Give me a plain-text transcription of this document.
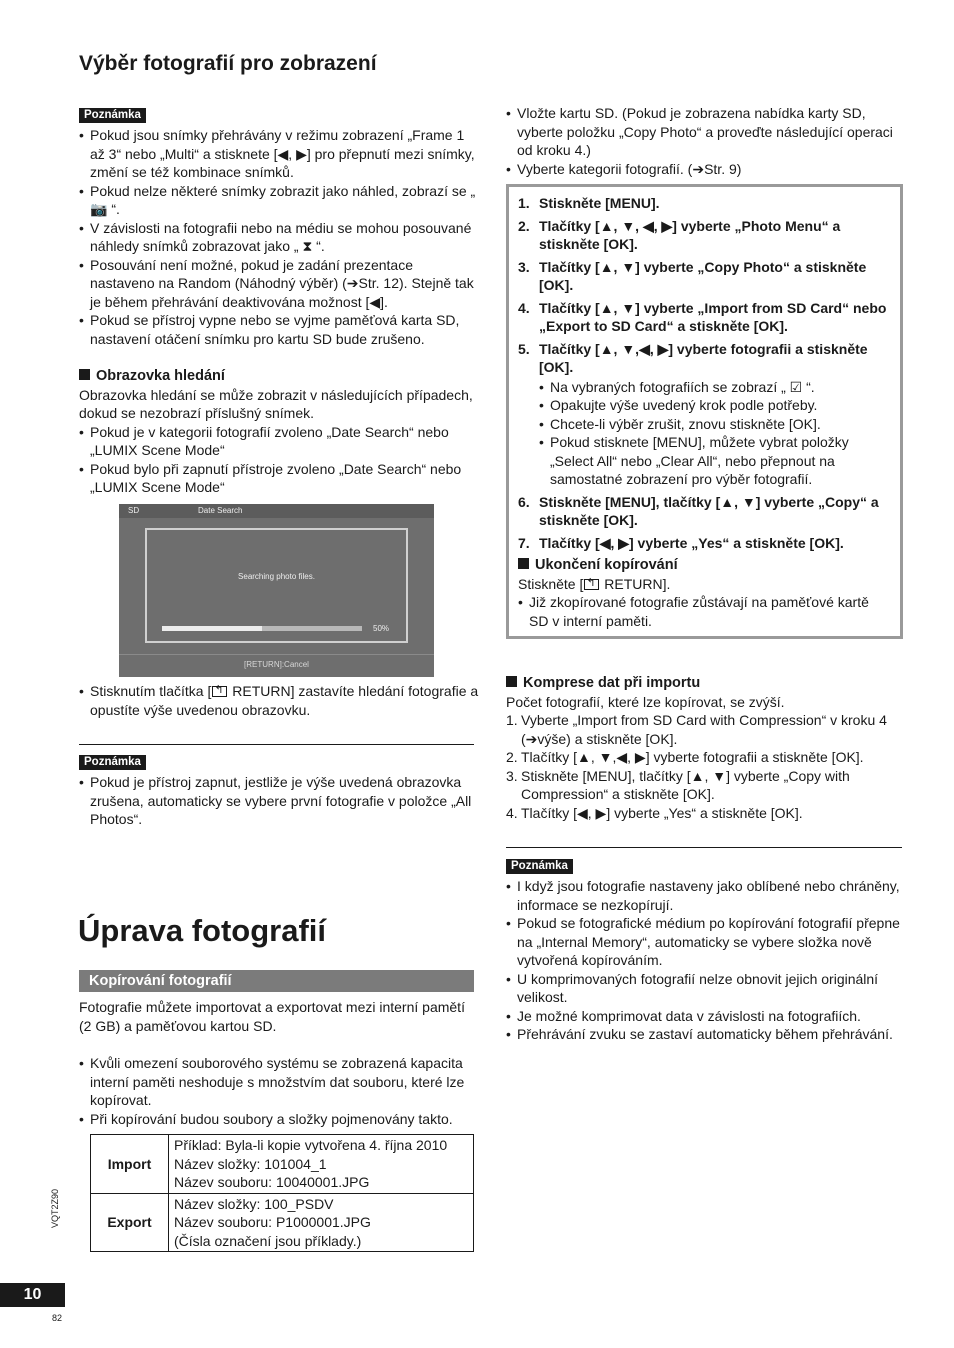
Výběr fotografií pro zobrazení
Poznámka
• Pokud jsou snímky přehrávány v režimu zobrazení „Frame 1 až 3“ nebo „Multi“ a stisknete [◀, ▶] pro přepnutí mezi snímky, změní se též kombinace snímků.
• Pokud nelze některé snímky zobrazit jako náhled, zobrazí se „ 📷 “.
• V závislosti na fotografii nebo na médiu se mohou posouvané náhledy snímků zobrazovat jako „ ⧗ “.
• Posouvání není možné, pokud je zadání prezentace nastaveno na Random (Náhodný výběr) (➔Str. 12). Stejně tak je během přehrávání deaktivována možnost [◀].
• Pokud se přístroj vypne nebo se vyjme paměťová karta SD, nastavení otáčení snímku pro kartu SD bude zrušeno.
Obrazovka hledání
Obrazovka hledání se může zobrazit v následujících případech, dokud se nezobrazí příslušný snímek.
• Pokud je v kategorii fotografií zvoleno „Date Search“ nebo „LUMIX Scene Mode“
• Pokud bylo při zapnutí přístroje zvoleno „Date Search“ nebo „LUMIX Scene Mode“
SD	Date Search
Searching photo files.
50%
[RETURN]:Cancel
• Stisknutím tlačítka [↰ RETURN] zastavíte hledání fotografie a opustíte výše uvedenou obrazovku.
Poznámka
• Pokud je přístroj zapnut, jestliže je výše uvedená obrazovka zrušena, automaticky se vybere první fotografie v položce „All Photos“.
Úprava fotografií
Kopírování fotografií
Fotografie můžete importovat a exportovat mezi interní pamětí (2 GB) a paměťovou kartou SD.
• Kvůli omezení souborového systému se zobrazená kapacita interní paměti neshoduje s množstvím dat souboru, které lze kopírovat.
• Při kopírování budou soubory a složky pojmenovány takto.
Import	Příklad: Byla-li kopie vytvořena 4. října 2010
Název složky: 101004_1
Název souboru: 10040001.JPG

Export	Název složky: 100_PSDV
Název souboru: P1000001.JPG
(Čísla označení jsou příklady.)
VQT2Z90
10
82
• Vložte kartu SD. (Pokud je zobrazena nabídka karty SD, vyberte položku „Copy Photo“ a proveďte následující operaci od kroku 4.)
• Vyberte kategorii fotografií. (➔Str. 9)
1. Stiskněte [MENU].
2. Tlačítky [▲, ▼, ◀, ▶] vyberte „Photo Menu“ a stiskněte [OK].
3. Tlačítky [▲, ▼] vyberte „Copy Photo“ a stiskněte [OK].
4. Tlačítky [▲, ▼] vyberte „Import from SD Card“ nebo „Export to SD Card“ a stiskněte [OK].
5. Tlačítky [▲, ▼,◀, ▶] vyberte fotografii a stiskněte [OK].
• Na vybraných fotografiích se zobrazí „ ☑ “.
• Opakujte výše uvedený krok podle potřeby.
• Chcete-li výběr zrušit, znovu stiskněte [OK].
• Pokud stisknete [MENU], můžete vybrat položky „Select All“ nebo „Clear All“, nebo přepnout na samostatné zobrazení pro výběr fotografií.
6. Stiskněte [MENU], tlačítky [▲, ▼] vyberte „Copy“ a stiskněte [OK].
7. Tlačítky [◀, ▶] vyberte „Yes“ a stiskněte [OK].
Ukončení kopírování
Stiskněte [↰ RETURN].
• Již zkopírované fotografie zůstávají na paměťové kartě SD v interní paměti.
Komprese dat při importu
Počet fotografií, které lze kopírovat, se zvýší.
1. Vyberte „Import from SD Card with Compression“ v kroku 4 (➔výše) a stiskněte [OK].
2. Tlačítky [▲, ▼,◀, ▶] vyberte fotografii a stiskněte [OK].
3. Stiskněte [MENU], tlačítky [▲, ▼] vyberte „Copy with Compression“ a stiskněte [OK].
4. Tlačítky [◀, ▶] vyberte „Yes“ a stiskněte [OK].
Poznámka
• I když jsou fotografie nastaveny jako oblíbené nebo chráněny, informace se nezkopírují.
• Pokud se fotografické médium po kopírování fotografií přepne na „Internal Memory“, automaticky se vybere složka nově vytvořená kopírováním.
• U komprimovaných fotografií nelze obnovit jejich originální velikost.
• Je možné komprimovat data v závislosti na fotografiích.
• Přehrávání zvuku se zastaví automaticky během přehrávání.
